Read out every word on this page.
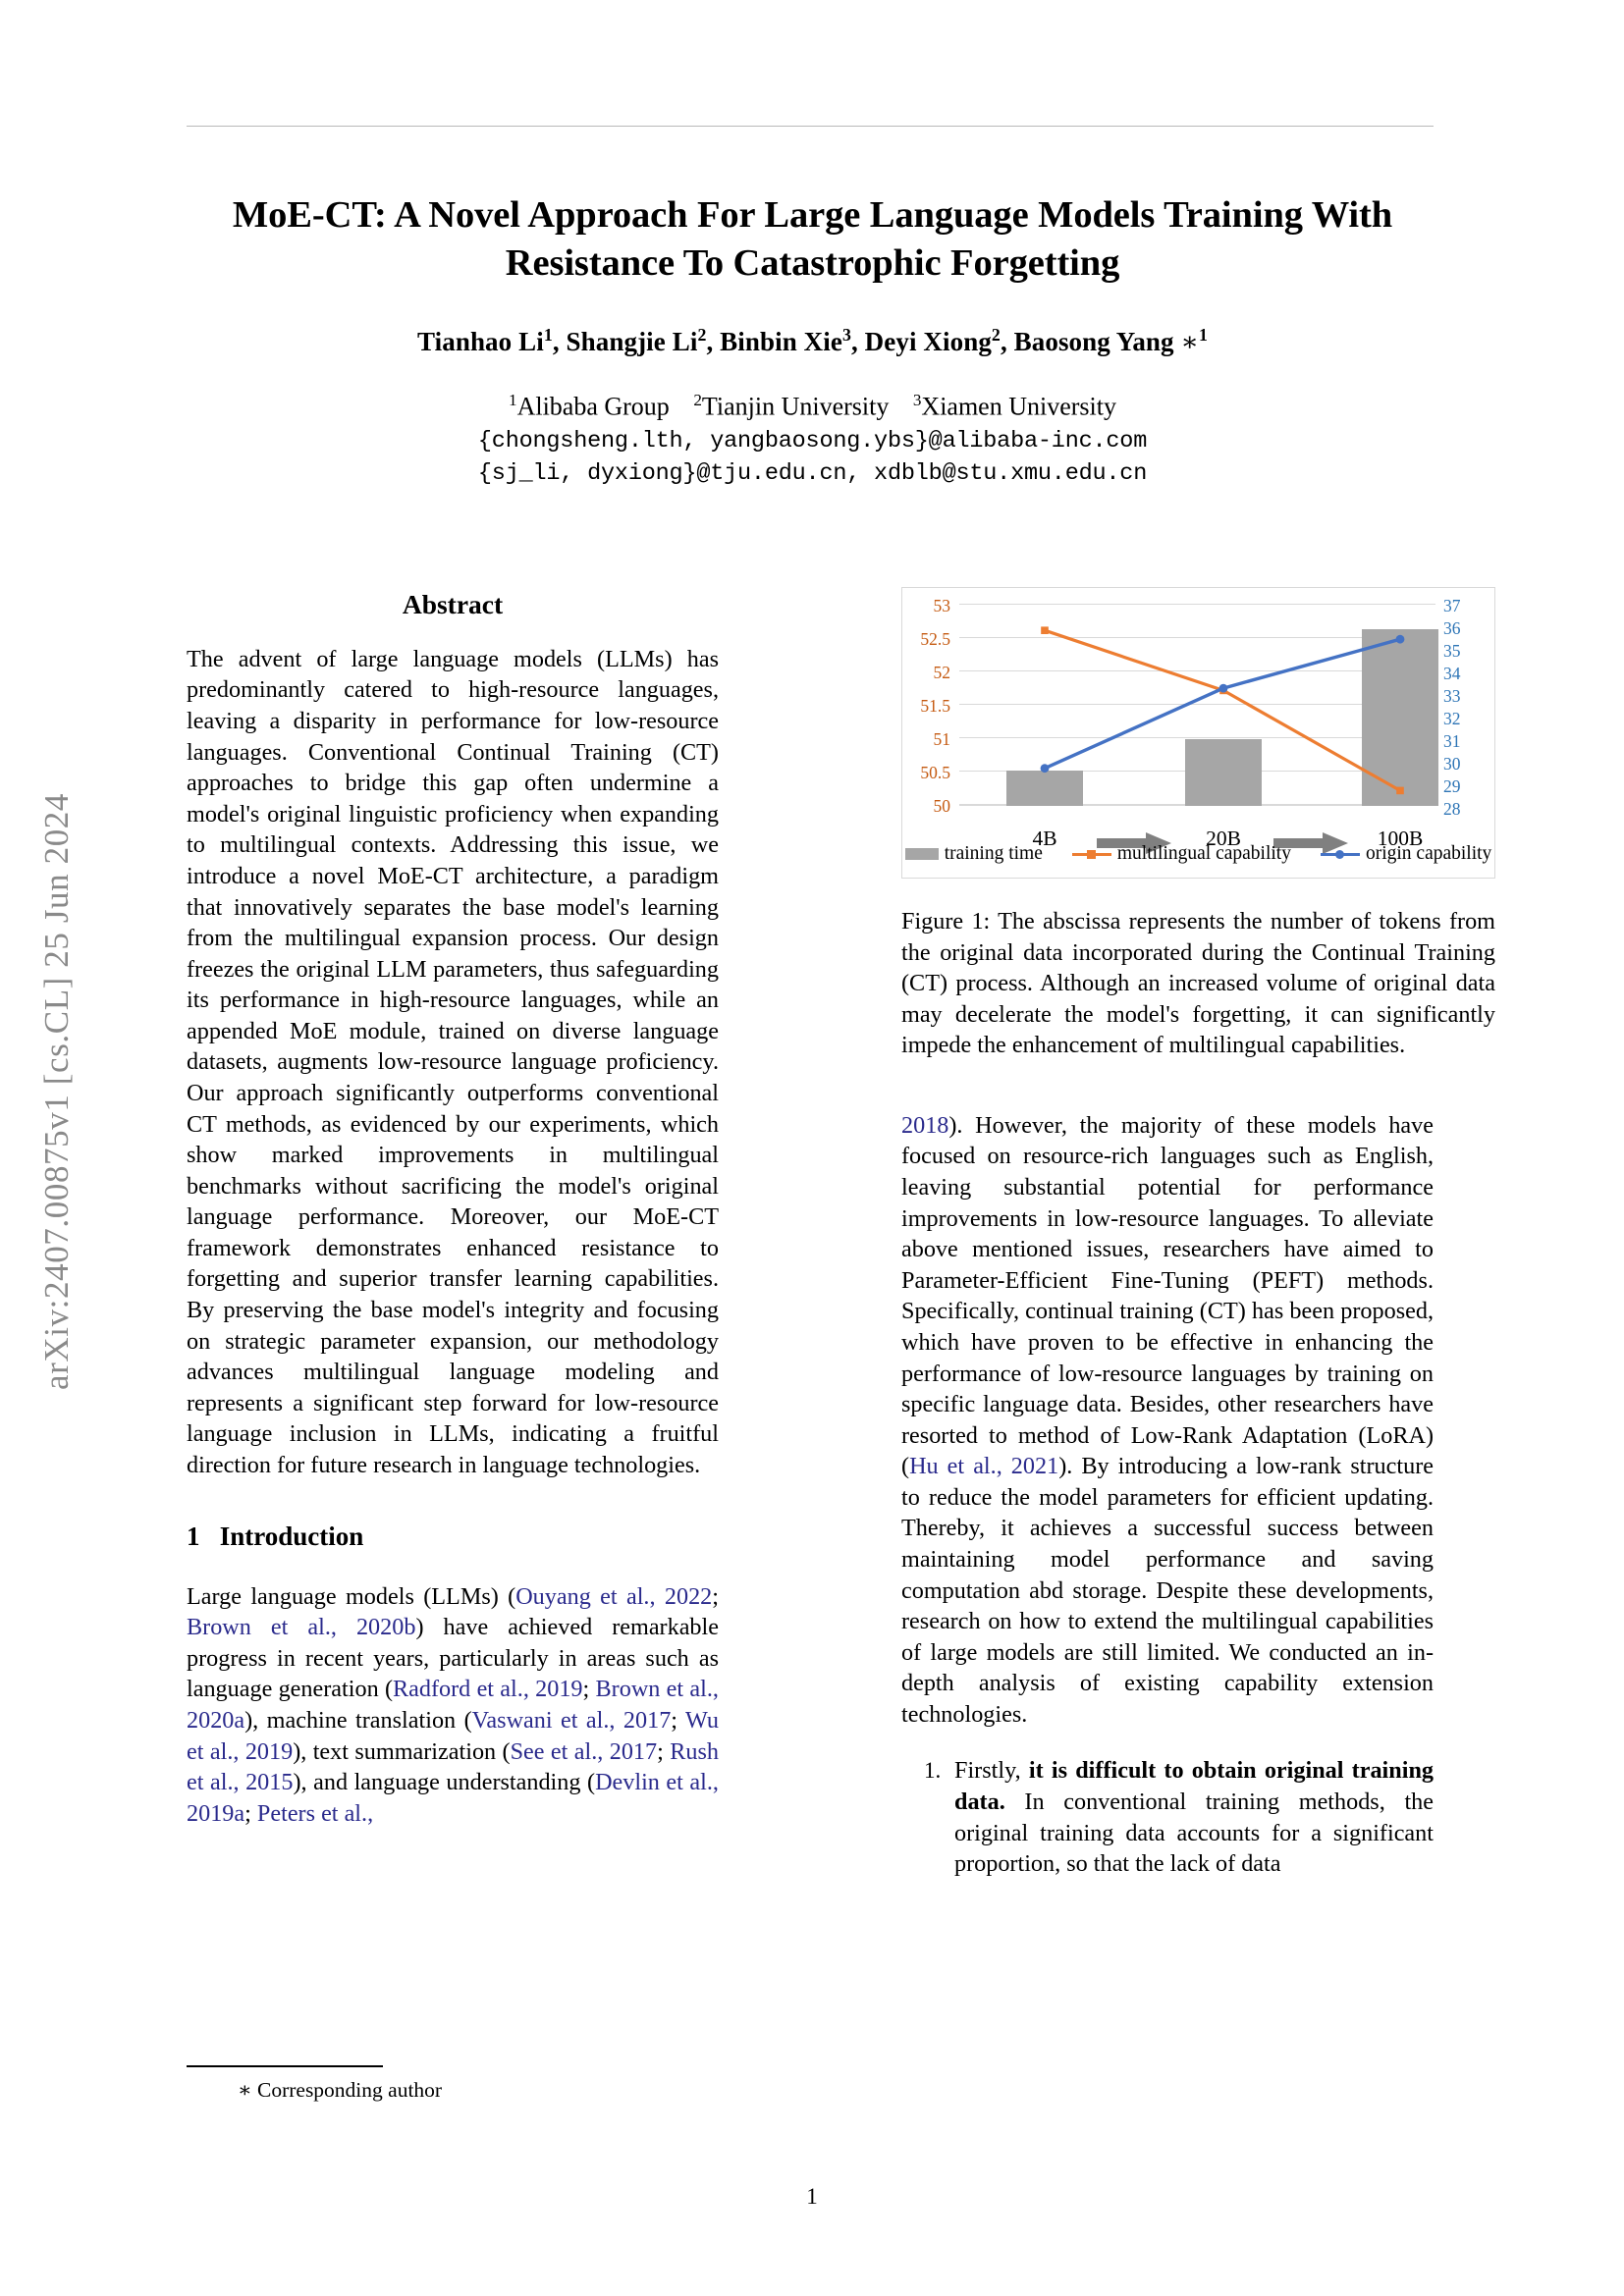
arXiv:2407.00875v1 [cs.CL] 25 Jun 2024
MoE-CT: A Novel Approach For Large Language Models Training With Resistance To Catastrophic Forgetting
Tianhao Li$^1$, Shangjie Li$^2$, Binbin Xie$^3$, Deyi Xiong$^2$, Baosong Yang ∗$^1$
$^1$Alibaba Group $^2$Tianjin University $^3$Xiamen University
{chongsheng.lth, yangbaosong.ybs}@alibaba-inc.com
{sj_li, dyxiong}@tju.edu.cn, xdblb@stu.xmu.edu.cn
Abstract

The advent of large language models (LLMs) has predominantly catered to high-resource languages, leaving a disparity in performance for low-resource languages. Conventional Continual Training (CT) approaches to bridge this gap often undermine a model's original linguistic proficiency when expanding to multilingual contexts. Addressing this issue, we introduce a novel MoE-CT architecture, a paradigm that innovatively separates the base model's learning from the multilingual expansion process. Our design freezes the original LLM parameters, thus safeguarding its performance in high-resource languages, while an appended MoE module, trained on diverse language datasets, augments low-resource language proficiency. Our approach significantly outperforms conventional CT methods, as evidenced by our experiments, which show marked improvements in multilingual benchmarks without sacrificing the model's original language performance. Moreover, our MoE-CT framework demonstrates enhanced resistance to forgetting and superior transfer learning capabilities. By preserving the base model's integrity and focusing on strategic parameter expansion, our methodology advances multilingual language modeling and represents a significant step forward for low-resource language inclusion in LLMs, indicating a fruitful direction for future research in language technologies.

1 Introduction

Large language models (LLMs) (Ouyang et al., 2022; Brown et al., 2020b) have achieved remarkable progress in recent years, particularly in areas such as language generation (Radford et al., 2019; Brown et al., 2020a), machine translation (Vaswani et al., 2017; Wu et al., 2019), text summarization (See et al., 2017; Rush et al., 2015), and language understanding (Devlin et al., 2019a; Peters et al.,

53
52.5
52
51.5
51
50.5
50
37
36
35
34
33
32
31
30
29
28
4B	20B	100B
training time	multilingual capability	origin capability
Figure 1: The abscissa represents the number of tokens from the original data incorporated during the Continual Training (CT) process. Although an increased volume of original data may decelerate the model's forgetting, it can significantly impede the enhancement of multilingual capabilities.

2018). However, the majority of these models have focused on resource-rich languages such as English, leaving substantial potential for performance improvements in low-resource languages. To alleviate above mentioned issues, researchers have aimed to Parameter-Efficient Fine-Tuning (PEFT) methods. Specifically, continual training (CT) has been proposed, which have proven to be effective in enhancing the performance of low-resource languages by training on specific language data. Besides, other researchers have resorted to method of Low-Rank Adaptation (LoRA) (Hu et al., 2021). By introducing a low-rank structure to reduce the model parameters for efficient updating. Thereby, it achieves a successful success between maintaining model performance and saving computation abd storage. Despite these developments, research on how to extend the multilingual capabilities of large models are still limited. We conducted an in-depth analysis of existing capability extension technologies.

1. Firstly, it is difficult to obtain original training data. In conventional training methods, the original training data accounts for a significant proportion, so that the lack of data
∗ Corresponding author
1
